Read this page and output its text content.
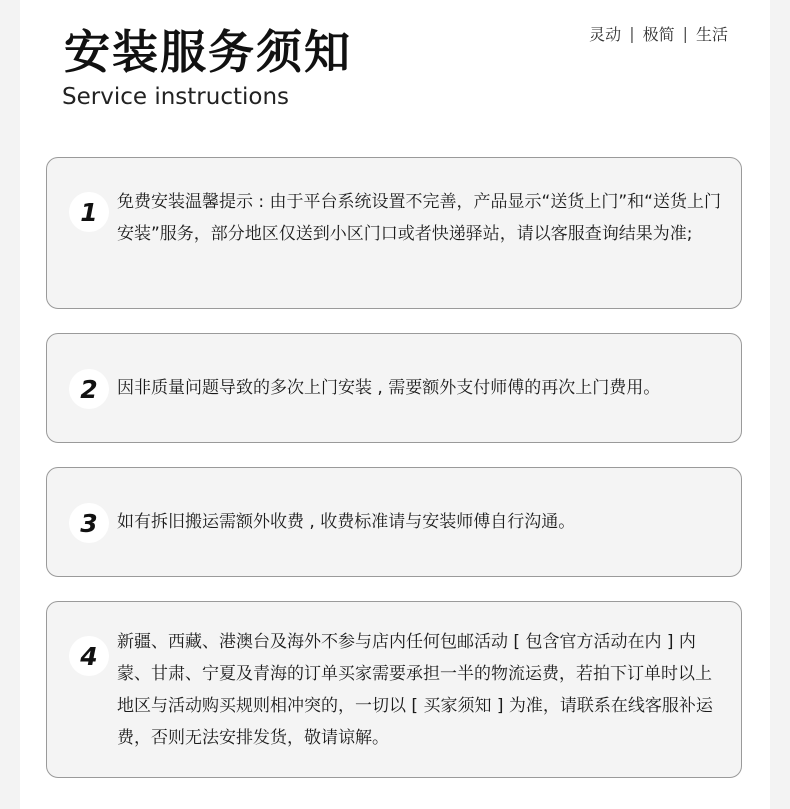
安装服务须知
Service instructions
灵动 | 极简 | 生活
1	免费安装温馨提示 : 由于平台系统设置不完善，产品显示“送货上门”和“送货上门安装”服务，部分地区仅送到小区门口或者快递驿站，请以客服查询结果为准;
2	因非质量问题导致的多次上门安装 , 需要额外支付师傅的再次上门费用。
3	如有拆旧搬运需额外收费 , 收费标准请与安装师傅自行沟通。
4	新疆、西藏、港澳台及海外不参与店内任何包邮活动 [ 包含官方活动在内 ] 内蒙、甘肃、宁夏及青海的订单买家需要承担一半的物流运费，若拍下订单时以上地区与活动购买规则相冲突的，一切以 [ 买家须知 ] 为准，请联系在线客服补运费，否则无法安排发货，敬请谅解。
